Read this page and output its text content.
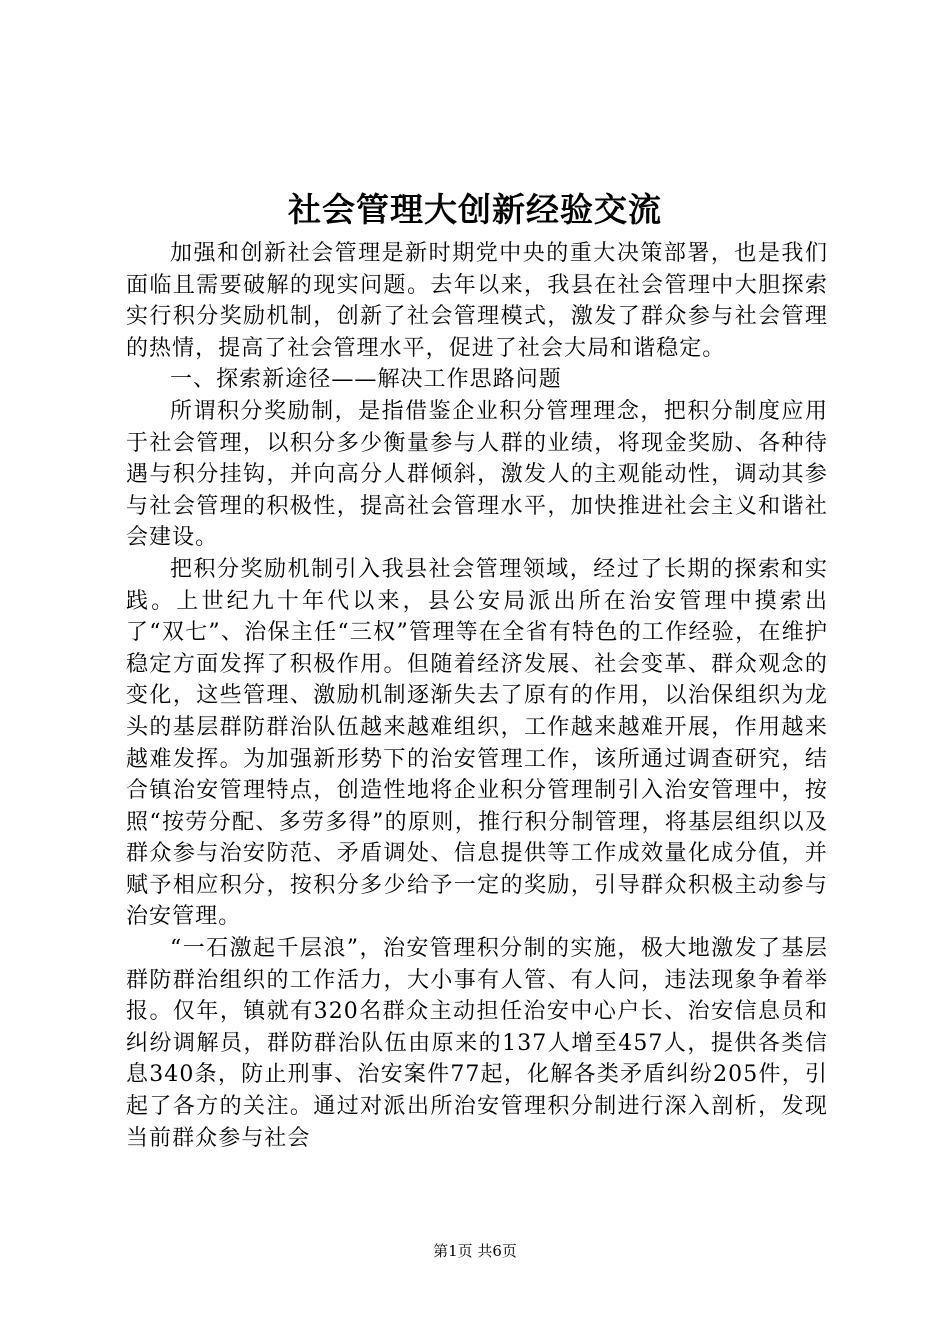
社会管理大创新经验交流

加强和创新社会管理是新时期党中央的重大决策部署，也是我们面临且需要破解的现实问题。去年以来，我县在社会管理中大胆探索实行积分奖励机制，创新了社会管理模式，激发了群众参与社会管理的热情，提高了社会管理水平，促进了社会大局和谐稳定。

一、探索新途径——解决工作思路问题

所谓积分奖励制，是指借鉴企业积分管理理念，把积分制度应用于社会管理，以积分多少衡量参与人群的业绩，将现金奖励、各种待遇与积分挂钩，并向高分人群倾斜，激发人的主观能动性，调动其参与社会管理的积极性，提高社会管理水平，加快推进社会主义和谐社会建设。

把积分奖励机制引入我县社会管理领域，经过了长期的探索和实践。上世纪九十年代以来，县公安局派出所在治安管理中摸索出了“双七”、治保主任“三权”管理等在全省有特色的工作经验，在维护稳定方面发挥了积极作用。但随着经济发展、社会变革、群众观念的变化，这些管理、激励机制逐渐失去了原有的作用，以治保组织为龙头的基层群防群治队伍越来越难组织，工作越来越难开展，作用越来越难发挥。为加强新形势下的治安管理工作，该所通过调查研究，结合镇治安管理特点，创造性地将企业积分管理制引入治安管理中，按照“按劳分配、多劳多得”的原则，推行积分制管理，将基层组织以及群众参与治安防范、矛盾调处、信息提供等工作成效量化成分值，并赋予相应积分，按积分多少给予一定的奖励，引导群众积极主动参与治安管理。

“一石激起千层浪”，治安管理积分制的实施，极大地激发了基层群防群治组织的工作活力，大小事有人管、有人问，违法现象争着举报。仅年，镇就有320名群众主动担任治安中心户长、治安信息员和纠纷调解员，群防群治队伍由原来的137人增至457人，提供各类信息340条，防止刑事、治安案件77起，化解各类矛盾纠纷205件，引起了各方的关注。通过对派出所治安管理积分制进行深入剖析，发现当前群众参与社会

第1页 共6页
